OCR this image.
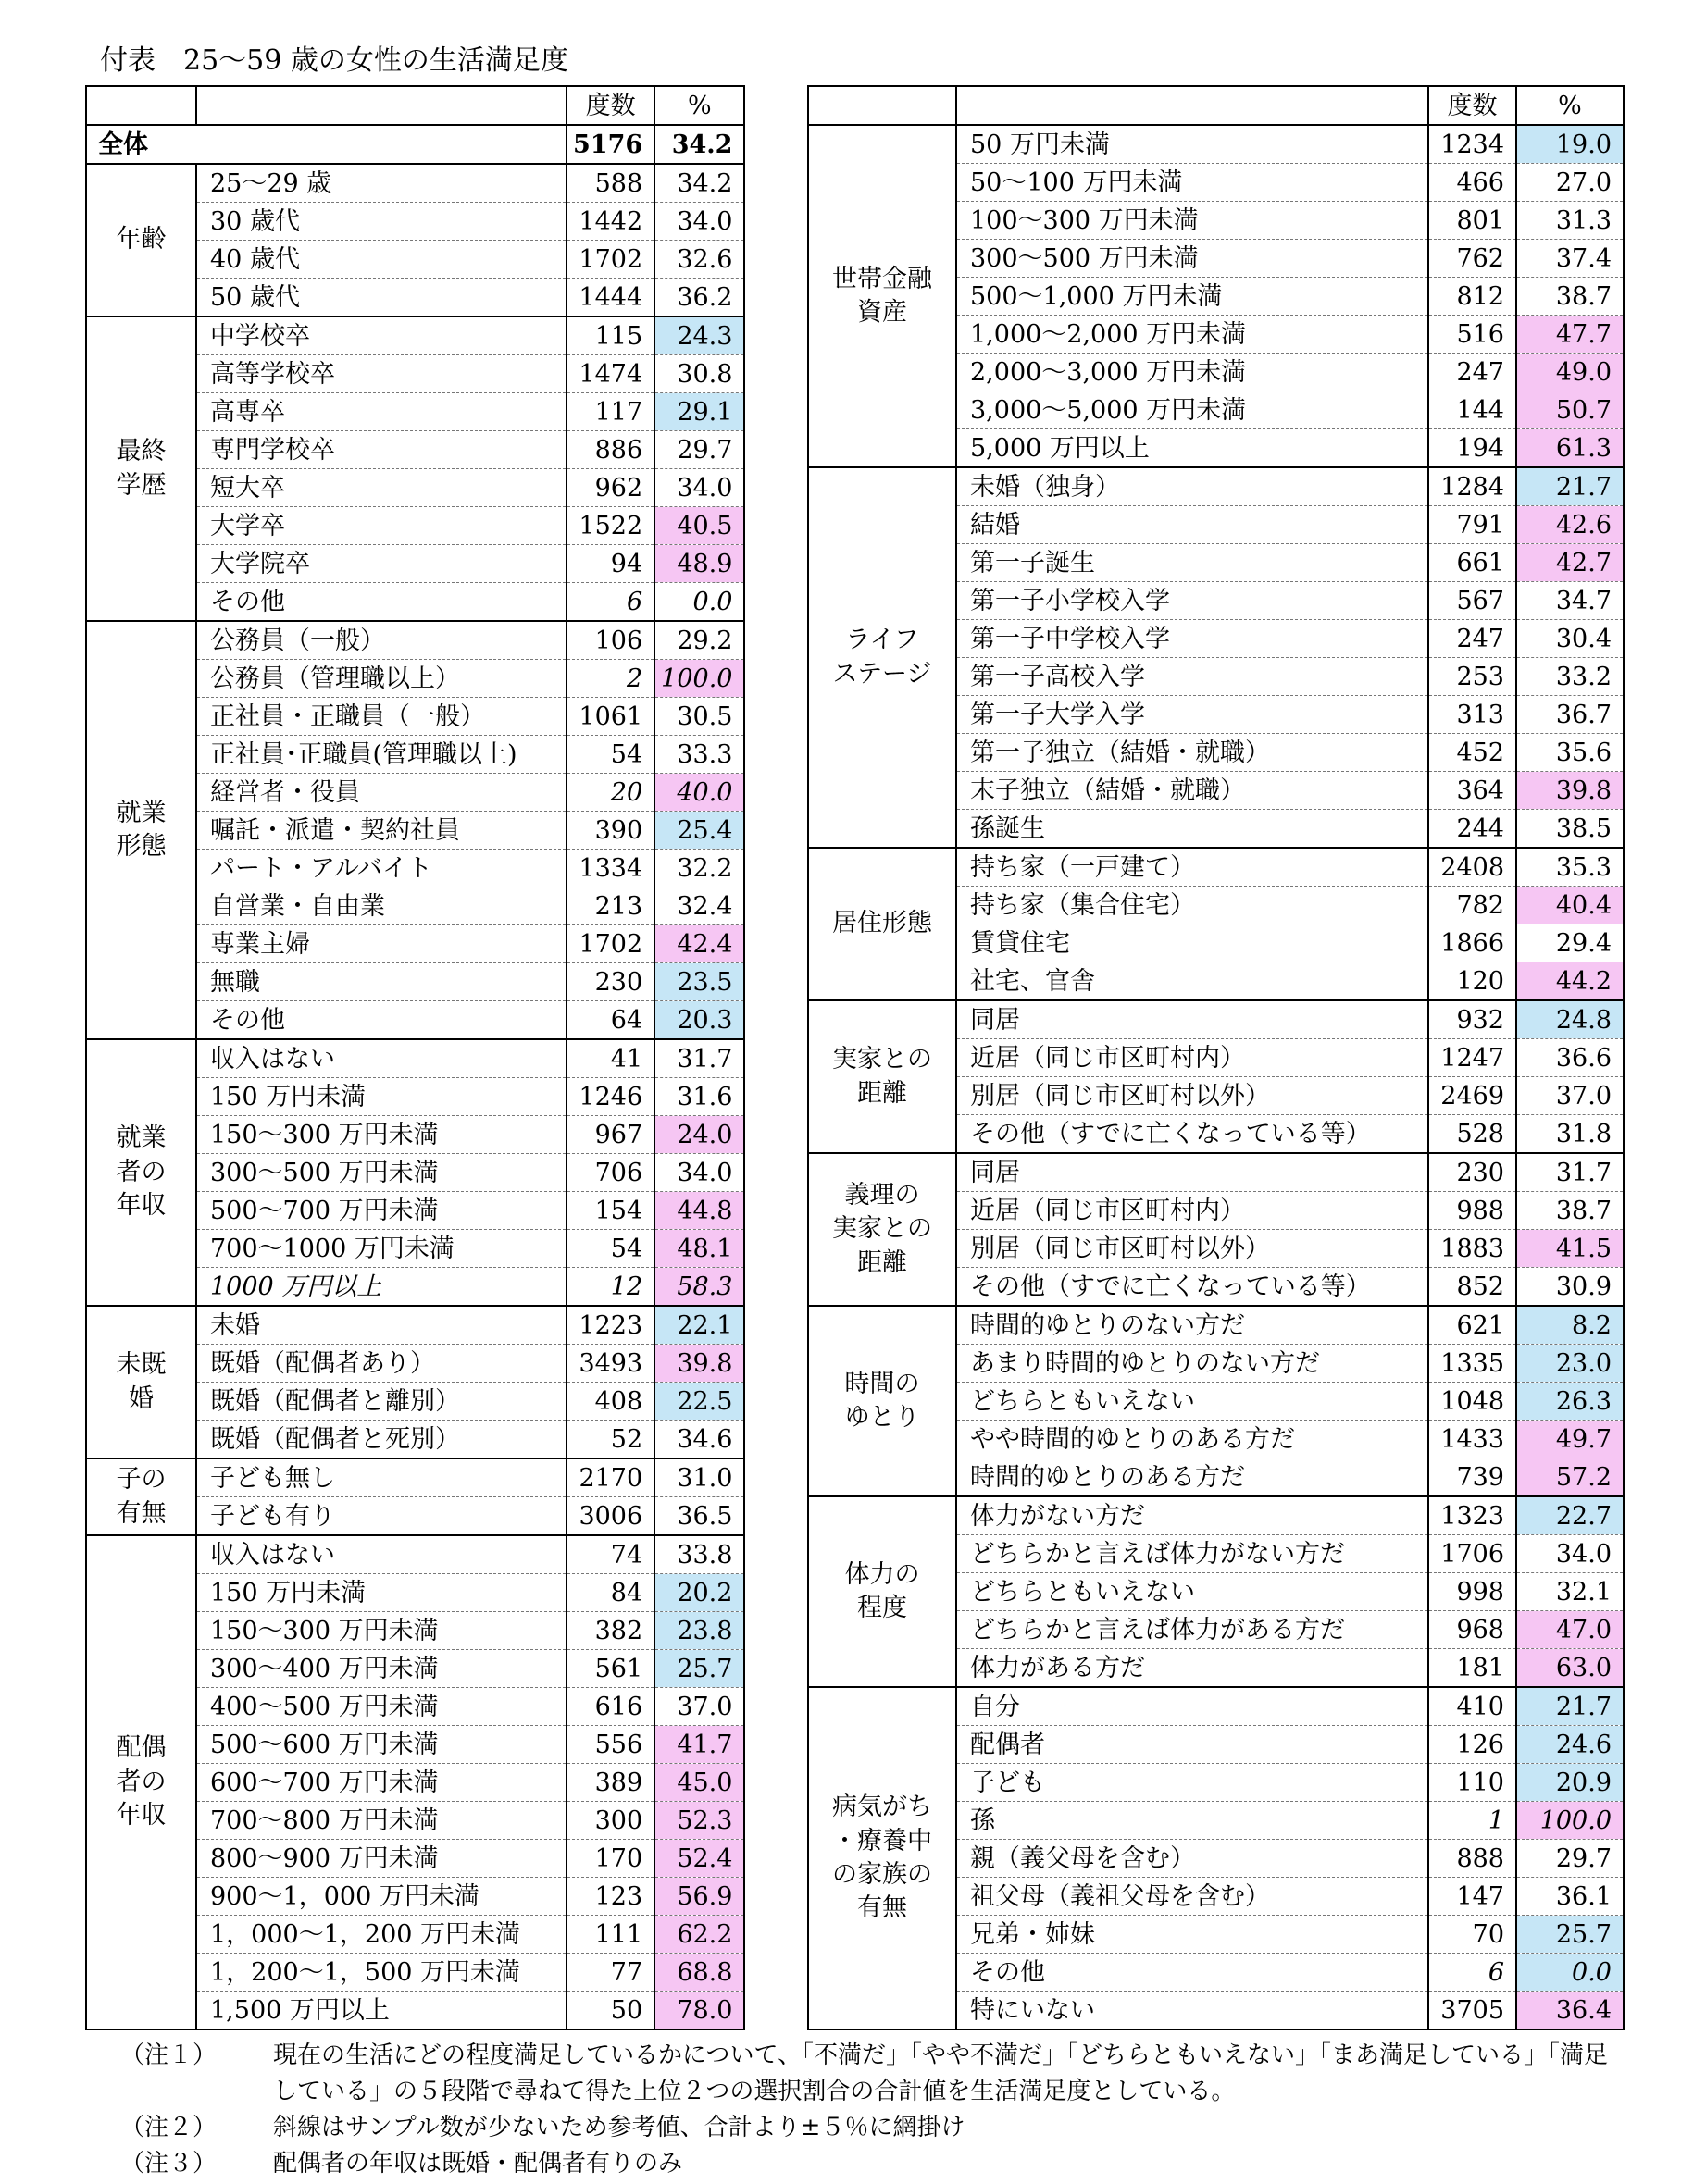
付表　25～59 歳の女性の生活満足度
		度数	%
全体		5176	34.2
年齢	25～29 歳	588	34.2
	30 歳代	1442	34.0
	40 歳代	1702	32.6
	50 歳代	1444	36.2
最終
学歴	中学校卒	115	24.3
	高等学校卒	1474	30.8
	高専卒	117	29.1
	専門学校卒	886	29.7
	短大卒	962	34.0
	大学卒	1522	40.5
	大学院卒	94	48.9
	その他	6	0.0
就業
形態	公務員（一般）	106	29.2
	公務員（管理職以上）	2	100.0
	正社員・正職員（一般）	1061	30.5
	正社員･正職員(管理職以上)	54	33.3
	経営者・役員	20	40.0
	嘱託・派遣・契約社員	390	25.4
	パート・アルバイト	1334	32.2
	自営業・自由業	213	32.4
	専業主婦	1702	42.4
	無職	230	23.5
	その他	64	20.3
就業
者の
年収	収入はない	41	31.7
	150 万円未満	1246	31.6
	150～300 万円未満	967	24.0
	300～500 万円未満	706	34.0
	500～700 万円未満	154	44.8
	700～1000 万円未満	54	48.1
	1000 万円以上	12	58.3
未既
婚	未婚	1223	22.1
	既婚（配偶者あり）	3493	39.8
	既婚（配偶者と離別）	408	22.5
	既婚（配偶者と死別）	52	34.6
子の
有無	子ども無し	2170	31.0
	子ども有り	3006	36.5
配偶
者の
年収	収入はない	74	33.8
	150 万円未満	84	20.2
	150～300 万円未満	382	23.8
	300～400 万円未満	561	25.7
	400～500 万円未満	616	37.0
	500～600 万円未満	556	41.7
	600～700 万円未満	389	45.0
	700～800 万円未満	300	52.3
	800～900 万円未満	170	52.4
	900～1，000 万円未満	123	56.9
	1，000～1，200 万円未満	111	62.2
	1，200～1，500 万円未満	77	68.8
	1,500 万円以上	50	78.0
		度数	%
世帯金融
資産	50 万円未満	1234	19.0
	50～100 万円未満	466	27.0
	100～300 万円未満	801	31.3
	300～500 万円未満	762	37.4
	500～1,000 万円未満	812	38.7
	1,000～2,000 万円未満	516	47.7
	2,000～3,000 万円未満	247	49.0
	3,000～5,000 万円未満	144	50.7
	5,000 万円以上	194	61.3
ライフ
ステージ	未婚（独身）	1284	21.7
	結婚	791	42.6
	第一子誕生	661	42.7
	第一子小学校入学	567	34.7
	第一子中学校入学	247	30.4
	第一子高校入学	253	33.2
	第一子大学入学	313	36.7
	第一子独立（結婚・就職）	452	35.6
	末子独立（結婚・就職）	364	39.8
	孫誕生	244	38.5
居住形態	持ち家（一戸建て）	2408	35.3
	持ち家（集合住宅）	782	40.4
	賃貸住宅	1866	29.4
	社宅、官舎	120	44.2
実家との
距離	同居	932	24.8
	近居（同じ市区町村内）	1247	36.6
	別居（同じ市区町村以外）	2469	37.0
	その他（すでに亡くなっている等）	528	31.8
義理の
実家との
距離	同居	230	31.7
	近居（同じ市区町村内）	988	38.7
	別居（同じ市区町村以外）	1883	41.5
	その他（すでに亡くなっている等）	852	30.9
時間の
ゆとり	時間的ゆとりのない方だ	621	8.2
	あまり時間的ゆとりのない方だ	1335	23.0
	どちらともいえない	1048	26.3
	やや時間的ゆとりのある方だ	1433	49.7
	時間的ゆとりのある方だ	739	57.2
体力の
程度	体力がない方だ	1323	22.7
	どちらかと言えば体力がない方だ	1706	34.0
	どちらともいえない	998	32.1
	どちらかと言えば体力がある方だ	968	47.0
	体力がある方だ	181	63.0
病気がち
・療養中
の家族の
有無	自分	410	21.7
	配偶者	126	24.6
	子ども	110	20.9
	孫	1	100.0
	親（義父母を含む）	888	29.7
	祖父母（義祖父母を含む）	147	36.1
	兄弟・姉妹	70	25.7
	その他	6	0.0
	特にいない	3705	36.4
（注１） 現在の生活にどの程度満足しているかについて、「不満だ」「やや不満だ」「どちらともいえない」「まあ満足している」「満足している」の５段階で尋ねて得た上位２つの選択割合の合計値を生活満足度としている。
（注２） 斜線はサンプル数が少ないため参考値、合計より±５％に網掛け
（注３） 配偶者の年収は既婚・配偶者有りのみ
